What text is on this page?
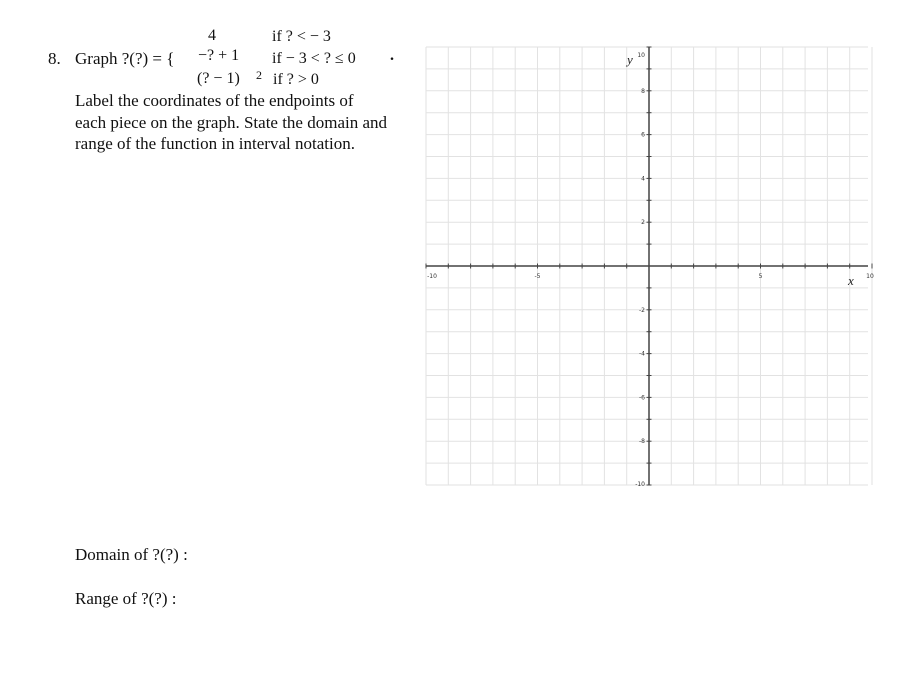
8. Graph ?(?) = {
4	if ? < − 3
−? + 1 if − 3 < ? ≤ 0 .
(? − 1) 2 if ? > 0
Label the coordinates of the endpoints of
each piece on the graph. State the domain and
range of the function in interval notation.
Domain of ?(?) :
Range of ?(?) :
-10	-5	5	10
10
8
6
4
2
-2
-4
-6
-8
-10
x
y
